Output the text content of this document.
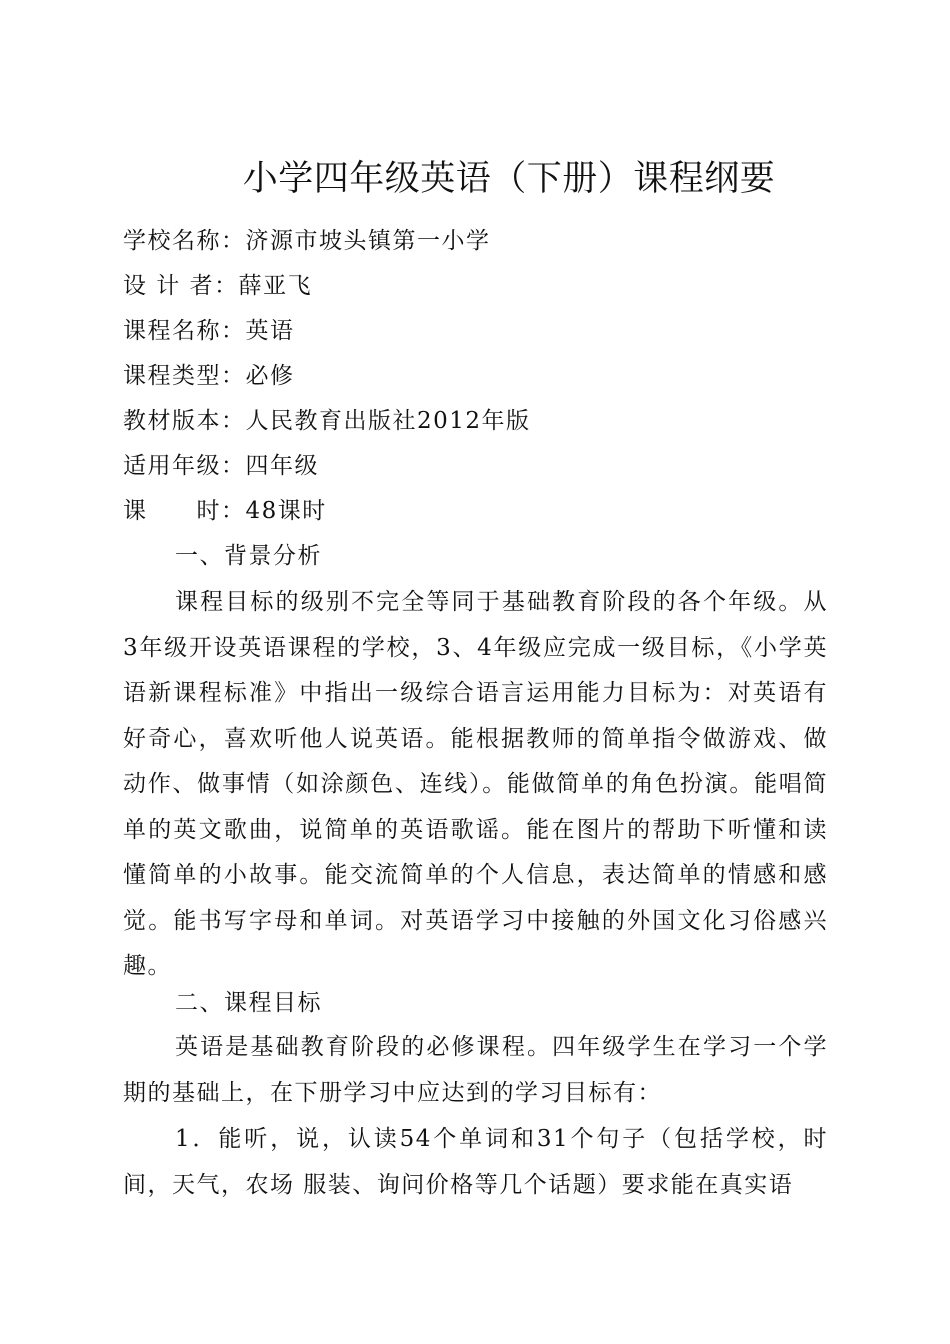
小学四年级英语（下册）课程纲要
学校名称：济源市坡头镇第一小学
设 计 者：薛亚飞
课程名称：英语
课程类型：必修
教材版本：人民教育出版社2012年版
适用年级：四年级
课　　时：48课时
一、背景分析
课程目标的级别不完全等同于基础教育阶段的各个年级。从3年级开设英语课程的学校，3、4年级应完成一级目标，《小学英语新课程标准》中指出一级综合语言运用能力目标为：对英语有好奇心，喜欢听他人说英语。能根据教师的简单指令做游戏、做动作、做事情（如涂颜色、连线）。能做简单的角色扮演。能唱简单的英文歌曲，说简单的英语歌谣。能在图片的帮助下听懂和读懂简单的小故事。能交流简单的个人信息，表达简单的情感和感觉。能书写字母和单词。对英语学习中接触的外国文化习俗感兴趣。
二、课程目标
英语是基础教育阶段的必修课程。四年级学生在学习一个学期的基础上，在下册学习中应达到的学习目标有：
1．能听，说，认读54个单词和31个句子（包括学校，时间，天气，农场 服装、询问价格等几个话题）要求能在真实语
